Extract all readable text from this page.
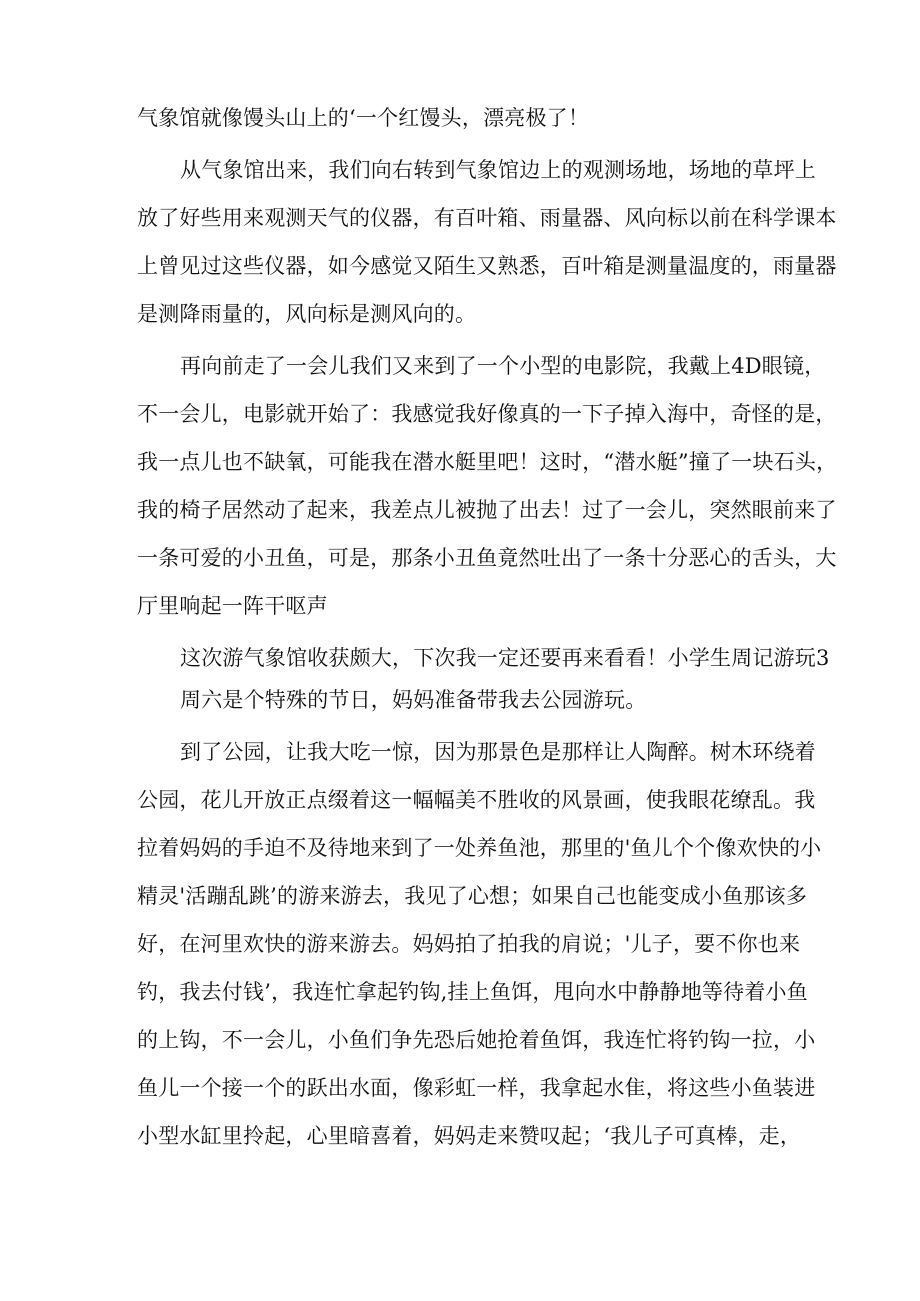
气象馆就像馒头山上的‘一个红馒头，漂亮极了！
从气象馆出来，我们向右转到气象馆边上的观测场地，场地的草坪上
放了好些用来观测天气的仪器，有百叶箱、雨量器、风向标以前在科学课本
上曾见过这些仪器，如今感觉又陌生又熟悉，百叶箱是测量温度的，雨量器
是测降雨量的，风向标是测风向的。
再向前走了一会儿我们又来到了一个小型的电影院，我戴上4D眼镜，
不一会儿，电影就开始了：我感觉我好像真的一下子掉入海中，奇怪的是，
我一点儿也不缺氧，可能我在潜水艇里吧！这时，“潜水艇”撞了一块石头，
我的椅子居然动了起来，我差点儿被抛了出去！过了一会儿，突然眼前来了
一条可爱的小丑鱼，可是，那条小丑鱼竟然吐出了一条十分恶心的舌头，大
厅里响起一阵干呕声
这次游气象馆收获颇大，下次我一定还要再来看看！小学生周记游玩3
周六是个特殊的节日，妈妈准备带我去公园游玩。
到了公园，让我大吃一惊，因为那景色是那样让人陶醉。树木环绕着
公园，花儿开放正点缀着这一幅幅美不胜收的风景画，使我眼花缭乱。我
拉着妈妈的手迫不及待地来到了一处养鱼池，那里的'鱼儿个个像欢快的小
精灵'活蹦乱跳’的游来游去，我见了心想；如果自己也能变成小鱼那该多
好，在河里欢快的游来游去。妈妈拍了拍我的肩说；'儿子，要不你也来
钓，我去付钱’，我连忙拿起钓钩,挂上鱼饵，甩向水中静静地等待着小鱼
的上钩，不一会儿，小鱼们争先恐后她抢着鱼饵，我连忙将钓钩一拉，小
鱼儿一个接一个的跃出水面，像彩虹一样，我拿起水隹，将这些小鱼装进
小型水缸里拎起，心里暗喜着，妈妈走来赞叹起；‘我儿子可真棒，走，
